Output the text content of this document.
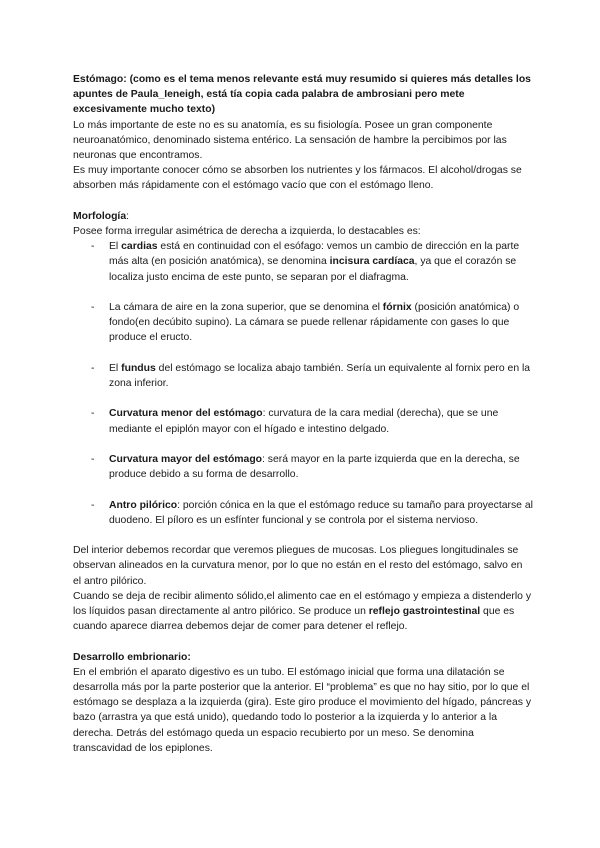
Estómago: (como es el tema menos relevante está muy resumido si quieres más detalles los apuntes de Paula_Ieneigh, está tía copia cada palabra de ambrosiani pero mete excesivamente mucho texto)

Lo más importante de este no es su anatomía, es su fisiología. Posee un gran componente neuroanatómico, denominado sistema entérico. La sensación de hambre la percibimos por las neuronas que encontramos.

Es muy importante conocer cómo se absorben los nutrientes y los fármacos. El alcohol/drogas se absorben más rápidamente con el estómago vacío que con el estómago lleno.

Morfología:

Posee forma irregular asimétrica de derecha a izquierda, lo destacables es:

- El cardias está en continuidad con el esófago: vemos un cambio de dirección en la parte más alta (en posición anatómica), se denomina incisura cardíaca, ya que el corazón se localiza justo encima de este punto, se separan por el diafragma.
- La cámara de aire en la zona superior, que se denomina el fórnix (posición anatómica) o fondo(en decúbito supino). La cámara se puede rellenar rápidamente con gases lo que produce el eructo.
- El fundus del estómago se localiza abajo también. Sería un equivalente al fornix pero en la zona inferior.
- Curvatura menor del estómago: curvatura de la cara medial (derecha), que se une mediante el epiplón mayor con el hígado e intestino delgado.
- Curvatura mayor del estómago: será mayor en la parte izquierda que en la derecha, se produce debido a su forma de desarrollo.
- Antro pilórico: porción cónica en la que el estómago reduce su tamaño para proyectarse al duodeno. El píloro es un esfínter funcional y se controla por el sistema nervioso.

Del interior debemos recordar que veremos pliegues de mucosas. Los pliegues longitudinales se observan alineados en la curvatura menor, por lo que no están en el resto del estómago, salvo en el antro pilórico.

Cuando se deja de recibir alimento sólido,el alimento cae en el estómago y empieza a distenderlo y los líquidos pasan directamente al antro pilórico. Se produce un reflejo gastrointestinal que es cuando aparece diarrea debemos dejar de comer para detener el reflejo.

Desarrollo embrionario:

En el embrión el aparato digestivo es un tubo. El estómago inicial que forma una dilatación se desarrolla más por la parte posterior que la anterior. El “problema” es que no hay sitio, por lo que el estómago se desplaza a la izquierda (gira). Este giro produce el movimiento del hígado, páncreas y bazo (arrastra ya que está unido), quedando todo lo posterior a la izquierda y lo anterior a la derecha. Detrás del estómago queda un espacio recubierto por un meso. Se denomina transcavidad de los epiplones.
